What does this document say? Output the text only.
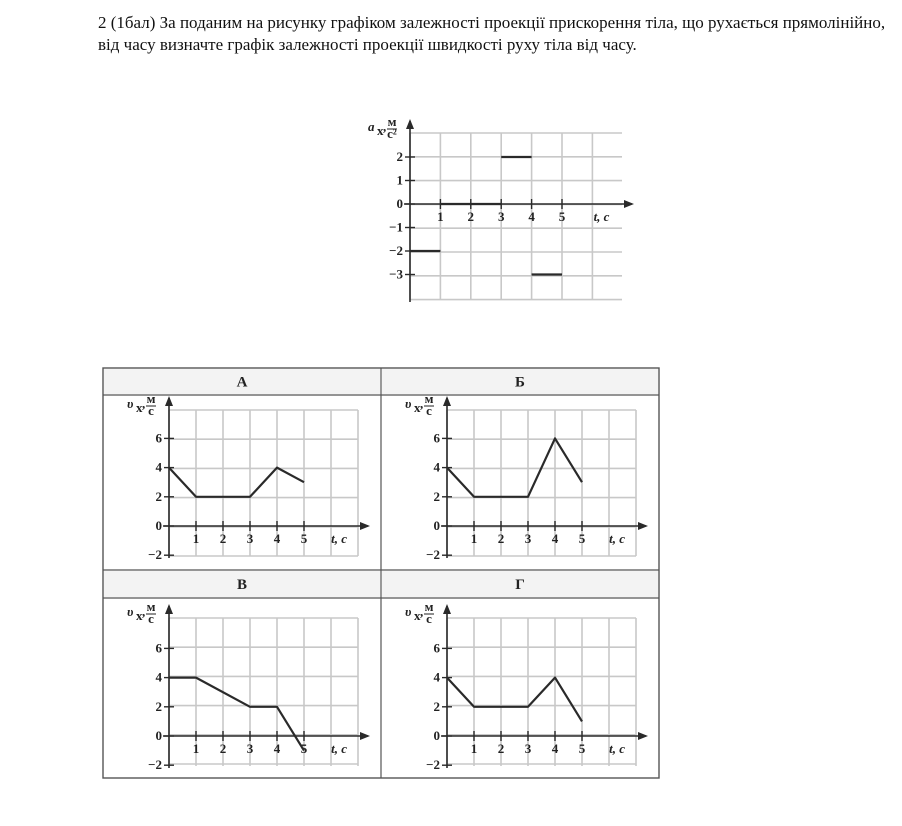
2 (1бал) За поданим на рисунку графіком залежності проекції прискорення тіла, що рухається прямолінійно, від часу визначте графік залежності проекції швидкості руху тіла від часу.

2
1
0
−1
−2
−3
1 2 3 4 5 t, c
a x , м
с²
А
6
4
2
0
−2
1 2 3 4 5 t, c
υ x , м
с
Б
6
4
2
0
−2
1 2 3 4 5 t, c
υ x , м
с
В
6
4
2
0
−2
1 2 3 4 5 t, c
υ x , м
с
Г
6
4
2
0
−2
1 2 3 4 5 t, c
υ x , м
с
